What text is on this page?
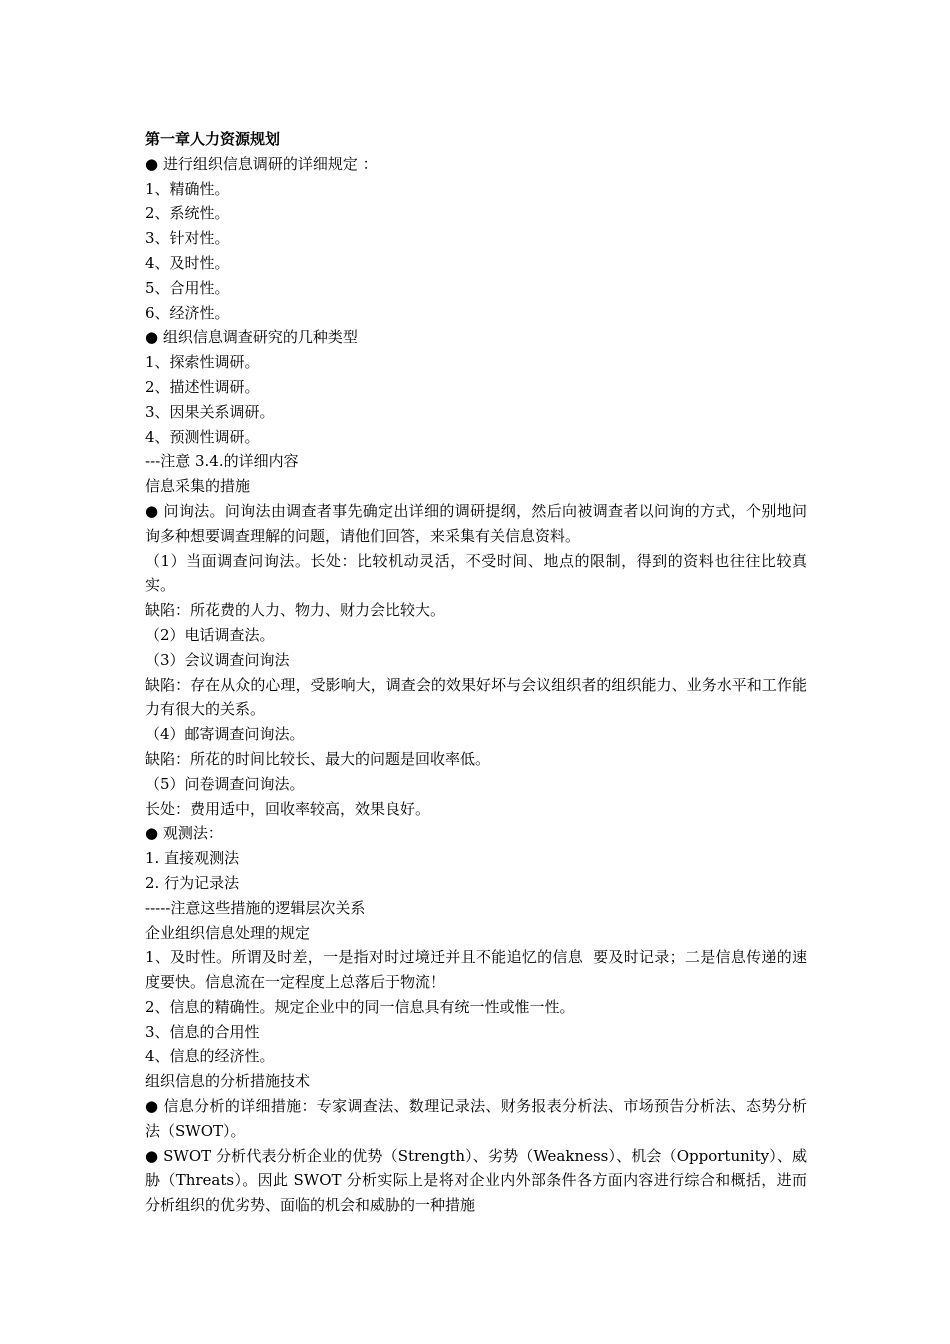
第一章人力资源规划
● 进行组织信息调研的详细规定 ：
1、精确性。
2、系统性。
3、针对性。
4、及时性。
5、合用性。
6、经济性。
● 组织信息调查研究的几种类型
1、探索性调研。
2、描述性调研。
3、因果关系调研。
4、预测性调研。
---注意 3.4.的详细内容
信息采集的措施
● 问询法。问询法由调查者事先确定出详细的调研提纲，然后向被调查者以问询的方式，个别地问询多种想要调查理解的问题，请他们回答，来采集有关信息资料。
（1）当面调查问询法。长处：比较机动灵活，不受时间、地点的限制，得到的资料也往往比较真实。
缺陷：所花费的人力、物力、财力会比较大。
（2）电话调查法。
（3）会议调查问询法
缺陷：存在从众的心理，受影响大，调查会的效果好坏与会议组织者的组织能力、业务水平和工作能力有很大的关系。
（4）邮寄调查问询法。
缺陷：所花的时间比较长、最大的问题是回收率低。
（5）问卷调查问询法。
长处：费用适中，回收率较高，效果良好。
● 观测法：
1. 直接观测法
2. 行为记录法
-----注意这些措施的逻辑层次关系
企业组织信息处理的规定
1、及时性。所谓及时差，一是指对时过境迁并且不能追忆的信息  要及时记录；二是信息传递的速度要快。信息流在一定程度上总落后于物流！
2、信息的精确性。规定企业中的同一信息具有统一性或惟一性。
3、信息的合用性
4、信息的经济性。
组织信息的分析措施技术
● 信息分析的详细措施：专家调查法、数理记录法、财务报表分析法、市场预告分析法、态势分析法（SWOT）。
● SWOT 分析代表分析企业的优势（Strength）、劣势（Weakness）、机会（Opportunity）、威胁（Threats）。因此 SWOT 分析实际上是将对企业内外部条件各方面内容进行综合和概括，进而分析组织的优劣势、面临的机会和威胁的一种措施
